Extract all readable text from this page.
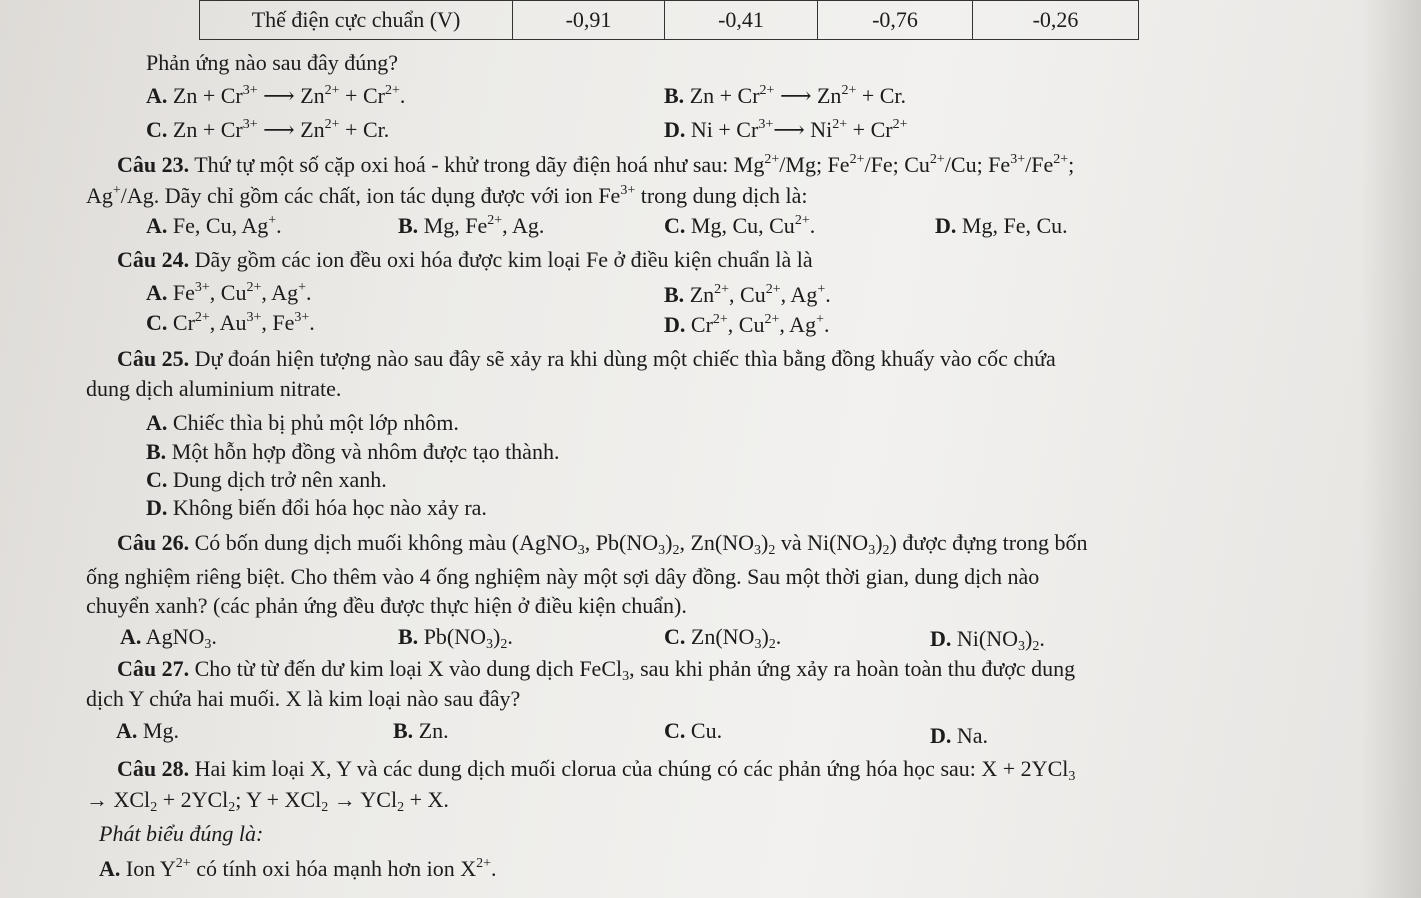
Thế điện cực chuẩn (V)	-0,91	-0,41	-0,76	-0,26
Phản ứng nào sau đây đúng?
A. $Zn + Cr^{3+}$ ⟶ $Zn^{2+} + Cr^{2+}$.	B. $Zn + Cr^{2+}$ ⟶ $Zn^{2+} + Cr$.
C. $Zn + Cr^{3+}$ ⟶ $Zn^{2+} + Cr$.	D. $Ni + Cr^{3+}⟶$ $Ni^{2+} + Cr^{2+}$
Câu 23. Thứ tự một số cặp oxi hoá - khử trong dãy điện hoá như sau: $Mg^{2+}/Mg$; $Fe^{2+}/Fe$; $Cu^{2+}/Cu$; $Fe^{3+}/Fe^{2+}$;
Ag+/Ag. Dãy chỉ gồm các chất, ion tác dụng được với ion $Fe^{3+}$ trong dung dịch là:
A. Fe, Cu, Ag+.	B. Mg, $Fe^{2+}$, Ag.	C. Mg, Cu, $Cu^{2+}$.	D. Mg, Fe, Cu.
Câu 24. Dãy gồm các ion đều oxi hóa được kim loại Fe ở điều kiện chuẩn là là
A. $Fe^{3+}$, $Cu^{2+}$, Ag+.	B. $Zn^{2+}$, $Cu^{2+}$, Ag+.
C. $Cr^{2+}$, $Au^{3+}$, $Fe^{3+}$.	D. $Cr^{2+}$, $Cu^{2+}$, Ag+.
Câu 25. Dự đoán hiện tượng nào sau đây sẽ xảy ra khi dùng một chiếc thìa bằng đồng khuấy vào cốc chứa
dung dịch aluminium nitrate.
A. Chiếc thìa bị phủ một lớp nhôm.
B. Một hỗn hợp đồng và nhôm được tạo thành.
C. Dung dịch trở nên xanh.
D. Không biến đổi hóa học nào xảy ra.
Câu 26. Có bốn dung dịch muối không màu (AgNO$_3$, $Pb(NO_3)_2$, $Zn(NO_3)_2$ và $Ni(NO_3)_2$) được đựng trong bốn
ống nghiệm riêng biệt. Cho thêm vào 4 ống nghiệm này một sợi dây đồng. Sau một thời gian, dung dịch nào
chuyển xanh? (các phản ứng đều được thực hiện ở điều kiện chuẩn).
A. AgNO$_3$.	B. $Pb(NO_3)_2$.	C. $Zn(NO_3)_2$.	D. $Ni(NO_3)_2$.
Câu 27. Cho từ từ đến dư kim loại X vào dung dịch FeCl$_3$, sau khi phản ứng xảy ra hoàn toàn thu được dung
dịch Y chứa hai muối. X là kim loại nào sau đây?
A. Mg.	B. Zn.	C. Cu.	D. Na.
Câu 28. Hai kim loại X, Y và các dung dịch muối clorua của chúng có các phản ứng hóa học sau: X + 2YCl$_3$
→ XCl$_2$ + 2YCl$_2$; Y + XCl$_2$ → YCl$_2$ + X.
Phát biểu đúng là:
A. Ion $Y^{2+}$ có tính oxi hóa mạnh hơn ion $X^{2+}$.
